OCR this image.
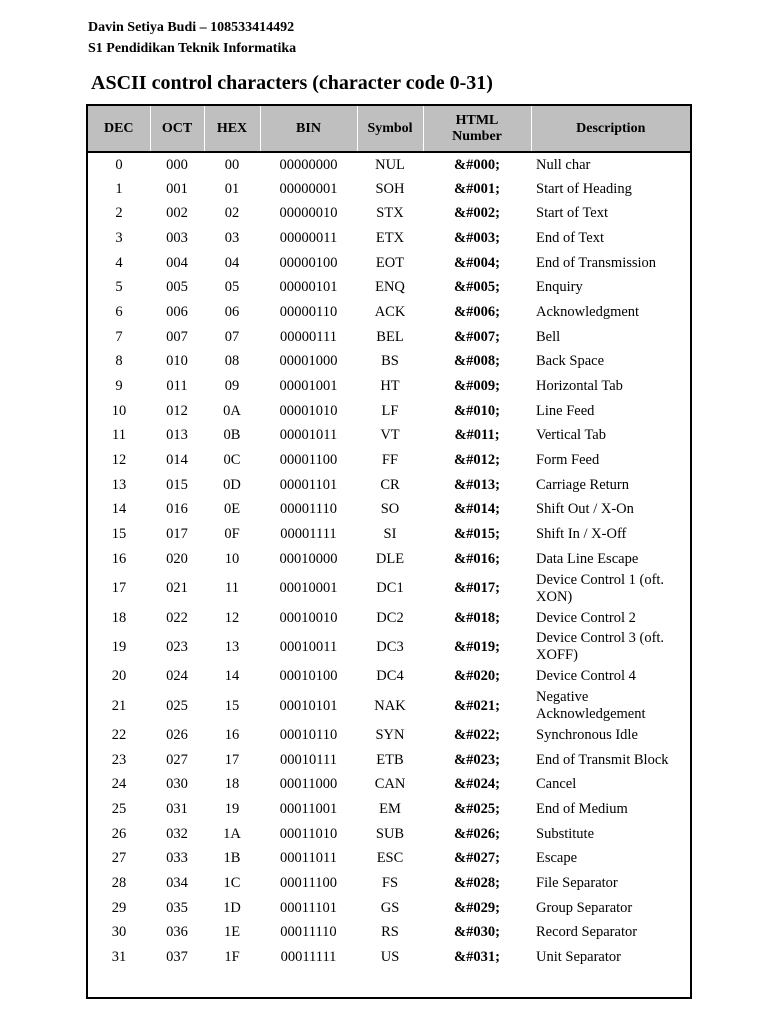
Davin Setiya Budi – 108533414492
S1 Pendidikan Teknik Informatika
ASCII control characters (character code 0-31)
DEC	OCT	HEX	BIN	Symbol	HTML Number	Description
0	000	00	00000000	NUL	&#000;	Null char
1	001	01	00000001	SOH	&#001;	Start of Heading
2	002	02	00000010	STX	&#002;	Start of Text
3	003	03	00000011	ETX	&#003;	End of Text
4	004	04	00000100	EOT	&#004;	End of Transmission
5	005	05	00000101	ENQ	&#005;	Enquiry
6	006	06	00000110	ACK	&#006;	Acknowledgment
7	007	07	00000111	BEL	&#007;	Bell
8	010	08	00001000	BS	&#008;	Back Space
9	011	09	00001001	HT	&#009;	Horizontal Tab
10	012	0A	00001010	LF	&#010;	Line Feed
11	013	0B	00001011	VT	&#011;	Vertical Tab
12	014	0C	00001100	FF	&#012;	Form Feed
13	015	0D	00001101	CR	&#013;	Carriage Return
14	016	0E	00001110	SO	&#014;	Shift Out / X-On
15	017	0F	00001111	SI	&#015;	Shift In / X-Off
16	020	10	00010000	DLE	&#016;	Data Line Escape
17	021	11	00010001	DC1	&#017;	Device Control 1 (oft. XON)
18	022	12	00010010	DC2	&#018;	Device Control 2
19	023	13	00010011	DC3	&#019;	Device Control 3 (oft. XOFF)
20	024	14	00010100	DC4	&#020;	Device Control 4
21	025	15	00010101	NAK	&#021;	Negative Acknowledgement
22	026	16	00010110	SYN	&#022;	Synchronous Idle
23	027	17	00010111	ETB	&#023;	End of Transmit Block
24	030	18	00011000	CAN	&#024;	Cancel
25	031	19	00011001	EM	&#025;	End of Medium
26	032	1A	00011010	SUB	&#026;	Substitute
27	033	1B	00011011	ESC	&#027;	Escape
28	034	1C	00011100	FS	&#028;	File Separator
29	035	1D	00011101	GS	&#029;	Group Separator
30	036	1E	00011110	RS	&#030;	Record Separator
31	037	1F	00011111	US	&#031;	Unit Separator
